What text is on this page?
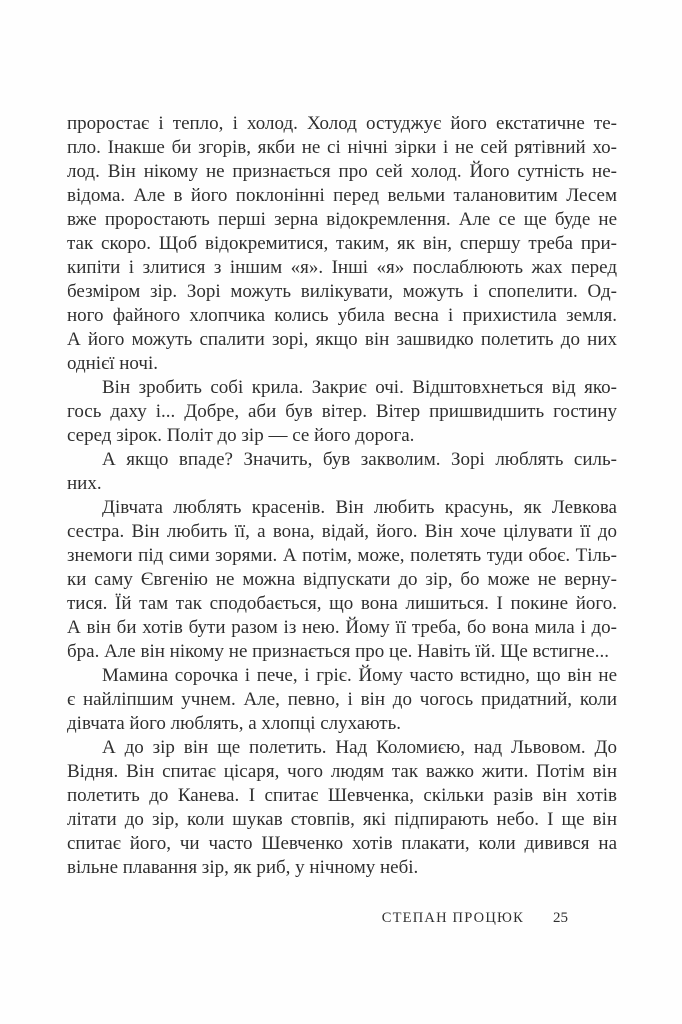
проростає і тепло, і холод. Холод остуджує його екстатичне те-
пло. Інакше би згорів, якби не сі нічні зірки і не сей рятівний хо-
лод. Він нікому не признається про сей холод. Його сутність не-
відома. Але в його поклонінні перед вельми талановитим Лесем
вже проростають перші зерна відокремлення. Але се ще буде не
так скоро. Щоб відокремитися, таким, як він, спершу треба при-
кипіти і злитися з іншим «я». Інші «я» послаблюють жах перед
безміром зір. Зорі можуть вилікувати, можуть і спопелити. Од-
ного файного хлопчика колись убила весна і прихистила земля.
А його можуть спалити зорі, якщо він зашвидко полетить до них
однієї ночі.
Він зробить собі крила. Закриє очі. Відштовхнеться від яко-
гось даху і... Добре, аби був вітер. Вітер пришвидшить гостину
серед зірок. Політ до зір — се його дорога.
А якщо впаде? Значить, був закволим. Зорі люблять силь-
них.
Дівчата люблять красенів. Він любить красунь, як Левкова
сестра. Він любить її, а вона, відай, його. Він хоче цілувати її до
знемоги під сими зорями. А потім, може, полетять туди обоє. Тіль-
ки саму Євгенію не можна відпускати до зір, бо може не верну-
тися. Їй там так сподобається, що вона лишиться. І покине його.
А він би хотів бути разом із нею. Йому її треба, бо вона мила і до-
бра. Але він нікому не признається про це. Навіть їй. Ще встигне...
Мамина сорочка і пече, і гріє. Йому часто встидно, що він не
є найліпшим учнем. Але, певно, і він до чогось придатний, коли
дівчата його люблять, а хлопці слухають.
А до зір він ще полетить. Над Коломиєю, над Львовом. До
Відня. Він спитає цісаря, чого людям так важко жити. Потім він
полетить до Канева. І спитає Шевченка, скільки разів він хотів
літати до зір, коли шукав стовпів, які підпирають небо. І ще він
спитає його, чи часто Шевченко хотів плакати, коли дивився на
вільне плавання зір, як риб, у нічному небі.
СТЕПАН ПРОЦЮК 25
